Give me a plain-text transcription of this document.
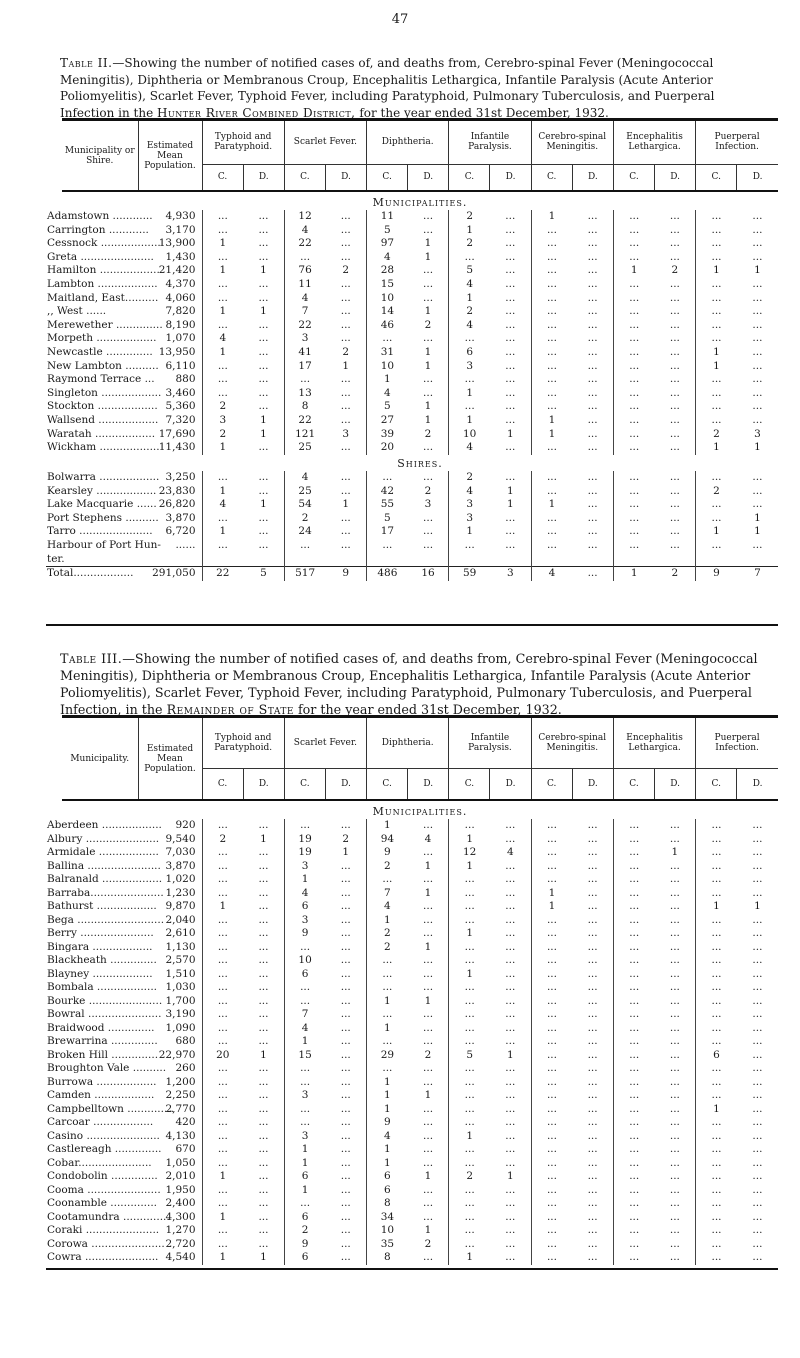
47
Table II.—Showing the number of notified cases of, and deaths from, Cerebro-spinal Fever (Meningococcal Meningitis), Diphtheria or Membranous Croup, Encephalitis Lethargica, Infantile Paralysis (Acute Anterior Poliomyelitis), Scarlet Fever, Typhoid Fever, including Paratyphoid, Pulmonary Tuberculosis, and Puerperal Infection in the Hunter River Combined District, for the year ended 31st December, 1932.
Municipality or Shire.	Estimated Mean Population.	Typhoid and Paratyphoid.		Scarlet Fever.		Diphtheria.		Infantile Paralysis.		Cerebro-spinal Meningitis.		Encephalitis Lethargica.		Puerperal Infection.	
		C.	D.	C.	D.	C.	D.	C.	D.	C.	D.	C.	D.	C.	D.
Municipalities.
Adamstown ............	4,930	...	...	12	...	11	...	2	...	1	...	...	...	...	...
Carrington ............	3,170	...	...	4	...	5	...	1	...	...	...	...	...	...	...
Cessnock ..................	13,900	1	...	22	...	97	1	2	...	...	...	...	...	...	...
Greta ......................	1,430	...	...	...	...	4	1	...	...	...	...	...	...	...	...
Hamilton ..................	21,420	1	1	76	2	28	...	5	...	...	...	1	2	1	1
Lambton ..................	4,370	...	...	11	...	15	...	4	...	...	...	...	...	...	...
Maitland, East..........	4,060	...	...	4	...	10	...	1	...	...	...	...	...	...	...
,, West ......	7,820	1	1	7	...	14	1	2	...	...	...	...	...	...	...
Merewether ..............	8,190	...	...	22	...	46	2	4	...	...	...	...	...	...	...
Morpeth ..................	1,070	4	...	3	...	...	...	...	...	...	...	...	...	...	...
Newcastle ..............	13,950	1	...	41	2	31	1	6	...	...	...	...	...	1	...
New Lambton ..........	6,110	...	...	17	1	10	1	3	...	...	...	...	...	1	...
Raymond Terrace ...	880	...	...	...	...	1	...	...	...	...	...	...	...	...	...
Singleton ..................	3,460	...	...	13	...	4	...	1	...	...	...	...	...	...	...
Stockton ..................	5,360	2	...	8	...	5	1	...	...	...	...	...	...	...	...
Wallsend ..................	7,320	3	1	22	...	27	1	1	...	1	...	...	...	...	...
Waratah ..................	17,690	2	1	121	3	39	2	10	1	1	...	...	...	2	3
Wickham ..................	11,430	1	...	25	...	20	...	4	...	...	...	...	...	1	1
Shires.
Bolwarra ..................	3,250	...	...	4	...	...	...	2	...	...	...	...	...	...	...
Kearsley ..................	23,830	1	...	25	...	42	2	4	1	...	...	...	...	2	...
Lake Macquarie ......	26,820	4	1	54	1	55	3	3	1	1	...	...	...	...	...
Port Stephens ..........	3,870	...	...	2	...	5	...	3	...	...	...	...	...	...	1
Tarro ......................	6,720	1	...	24	...	17	...	1	...	...	...	...	...	1	1
Harbour of Port Hun-	......	...	...	...	...	...	...	...	...	...	...	...	...	...	...
ter.															
Total..................	291,050	22	5	517	9	486	16	59	3	4	...	1	2	9	7
Table III.—Showing the number of notified cases of, and deaths from, Cerebro-spinal Fever (Meningococcal Meningitis), Diphtheria or Membranous Croup, Encephalitis Lethargica, Infantile Paralysis (Acute Anterior Poliomyelitis), Scarlet Fever, Typhoid Fever, including Paratyphoid, Pulmonary Tuberculosis, and Puerperal Infection, in the Remainder of State for the year ended 31st December, 1932.
Municipality.	Estimated Mean Population.	Typhoid and Paratyphoid.		Scarlet Fever.		Diphtheria.		Infantile Paralysis.		Cerebro-spinal Meningitis.		Encephalitis Lethargica.		Puerperal Infection.	
		C.	D.	C.	D.	C.	D.	C.	D.	C.	D.	C.	D.	C.	D.
Municipalities.
Aberdeen ..................	920	...	...	...	...	1	...	...	...	...	...	...	...	...	...
Albury ......................	9,540	2	1	19	2	94	4	1	...	...	...	...	...	...	...
Armidale ..................	7,030	...	...	19	1	9	...	12	4	...	...	...	1	...	...
Ballina ......................	3,870	...	...	3	...	2	1	1	...	...	...	...	...	...	...
Balranald ..................	1,020	...	...	1	...	...	...	...	...	...	...	...	...	...	...
Barraba......................	1,230	...	...	4	...	7	1	...	...	1	...	...	...	...	...
Bathurst ..................	9,870	1	...	6	...	4	...	...	...	1	...	...	...	1	1
Bega ..........................	2,040	...	...	3	...	1	...	...	...	...	...	...	...	...	...
Berry ......................	2,610	...	...	9	...	2	...	1	...	...	...	...	...	...	...
Bingara ..................	1,130	...	...	...	...	2	1	...	...	...	...	...	...	...	...
Blackheath ..............	2,570	...	...	10	...	...	...	...	...	...	...	...	...	...	...
Blayney ..................	1,510	...	...	6	...	...	...	1	...	...	...	...	...	...	...
Bombala ..................	1,030	...	...	...	...	...	...	...	...	...	...	...	...	...	...
Bourke ......................	1,700	...	...	...	...	1	1	...	...	...	...	...	...	...	...
Bowral ......................	3,190	...	...	7	...	...	...	...	...	...	...	...	...	...	...
Braidwood ..............	1,090	...	...	4	...	1	...	...	...	...	...	...	...	...	...
Brewarrina ..............	680	...	...	1	...	...	...	...	...	...	...	...	...	...	...
Broken Hill ..............	22,970	20	1	15	...	29	2	5	1	...	...	...	...	6	...
Broughton Vale ..........	260	...	...	...	...	...	...	...	...	...	...	...	...	...	...
Burrowa ..................	1,200	...	...	...	...	1	...	...	...	...	...	...	...	...	...
Camden ..................	2,250	...	...	3	...	1	1	...	...	...	...	...	...	...	...
Campbelltown ..............	2,770	...	...	...	...	1	...	...	...	...	...	...	...	1	...
Carcoar ..................	420	...	...	...	...	9	...	...	...	...	...	...	...	...	...
Casino ......................	4,130	...	...	3	...	4	...	1	...	...	...	...	...	...	...
Castlereagh ..............	670	...	...	1	...	1	...	...	...	...	...	...	...	...	...
Cobar......................	1,050	...	...	1	...	1	...	...	...	...	...	...	...	...	...
Condobolin ..............	2,010	1	...	6	...	6	1	2	1	...	...	...	...	...	...
Cooma ......................	1,950	...	...	1	...	6	...	...	...	...	...	...	...	...	...
Coonamble ..............	2,400	...	...	...	...	8	...	...	...	...	...	...	...	...	...
Cootamundra ..............	4,300	1	...	6	...	34	...	...	...	...	...	...	...	...	...
Coraki ......................	1,270	...	...	2	...	10	1	...	...	...	...	...	...	...	...
Corowa ......................	2,720	...	...	9	...	35	2	...	...	...	...	...	...	...	...
Cowra ......................	4,540	1	1	6	...	8	...	1	...	...	...	...	...	...	...
